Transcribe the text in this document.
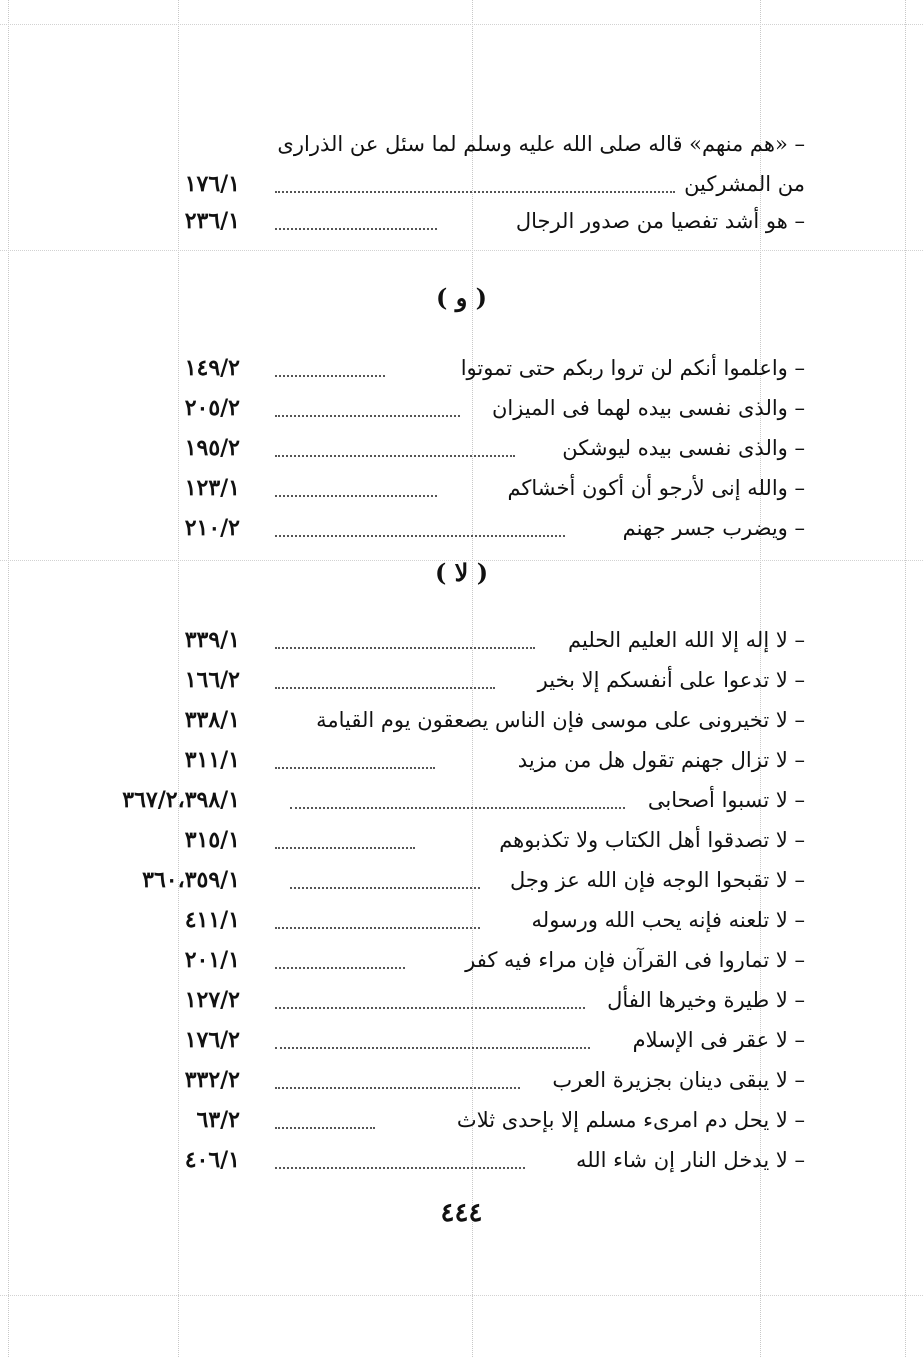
– «هم منهم» قاله صلى الله عليه وسلم لما سئل عن الذرارى
من المشركين
١٧٦/١
– هو أشد تفصيا من صدور الرجال
٢٣٦/١
( و )
– واعلموا أنكم لن تروا ربكم حتى تموتوا
١٤٩/٢
– والذى نفسى بيده لهما فى الميزان
٢٠٥/٢
– والذى نفسى بيده ليوشكن
١٩٥/٢
– والله إنى لأرجو أن أكون أخشاكم
١٢٣/١
– ويضرب جسر جهنم
٢١٠/٢
( لا )
– لا إله إلا الله العليم الحليم
٣٣٩/١
– لا تدعوا على أنفسكم إلا بخير
١٦٦/٢
– لا تخيرونى على موسى فإن الناس يصعقون يوم القيامة
٣٣٨/١
– لا تزال جهنم تقول هل من مزيد
٣١١/١
– لا تسبوا أصحابى
٣٦٧/٢،٣٩٨/١
– لا تصدقوا أهل الكتاب ولا تكذبوهم
٣١٥/١
– لا تقبحوا الوجه فإن الله عز وجل
٣٦٠،٣٥٩/١
– لا تلعنه فإنه يحب الله ورسوله
٤١١/١
– لا تماروا فى القرآن فإن مراء فيه كفر
٢٠١/١
– لا طيرة وخيرها الفأل
١٢٧/٢
– لا عقر فى الإسلام
١٧٦/٢
– لا يبقى دينان بجزيرة العرب
٣٣٢/٢
– لا يحل دم امرىء مسلم إلا بإحدى ثلاث
٦٣/٢
– لا يدخل النار إن شاء الله
٤٠٦/١
٤٤٤
